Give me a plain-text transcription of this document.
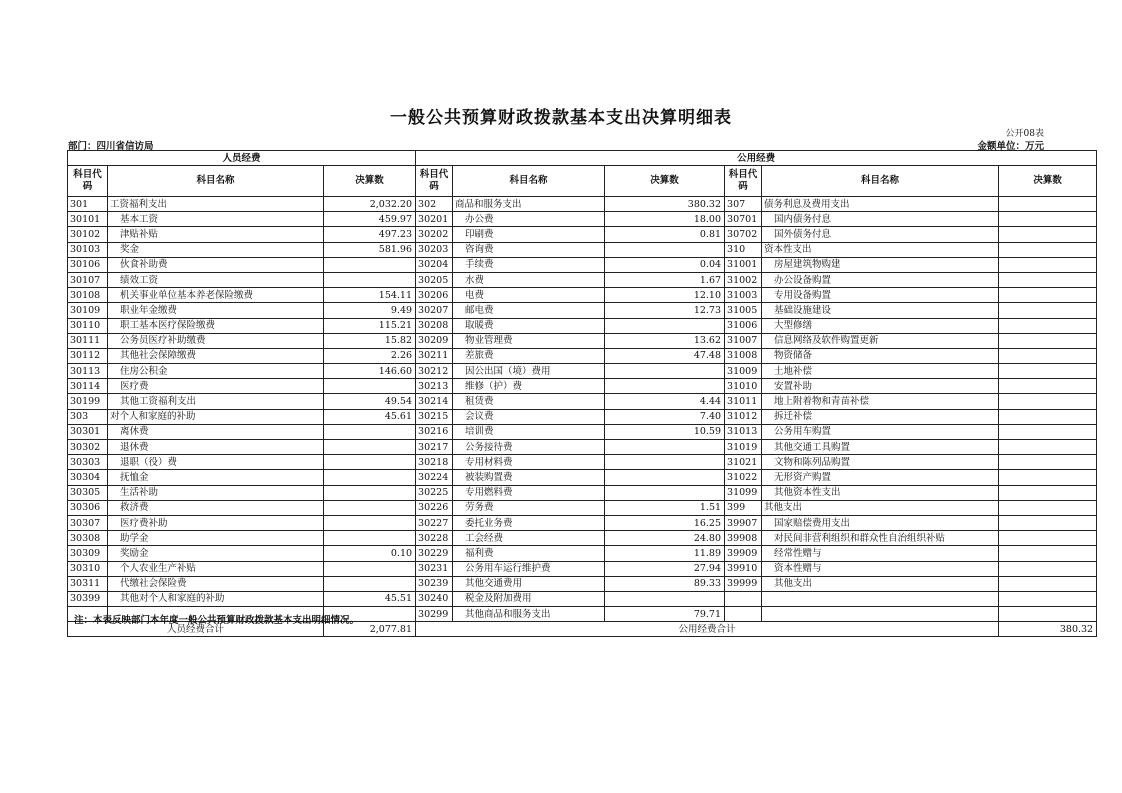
一般公共预算财政拨款基本支出决算明细表
公开08表
部门：四川省信访局	金额单位：万元
人员经费			公用经费					
科目代码	科目名称	决算数	科目代码	科目名称	决算数	科目代码	科目名称	决算数
301	工资福利支出	2,032.20	302	商品和服务支出	380.32	307	债务利息及费用支出	
30101	基本工资	459.97	30201	办公费	18.00	30701	国内债务付息	
30102	津贴补贴	497.23	30202	印刷费	0.81	30702	国外债务付息	
30103	奖金	581.96	30203	咨询费		310	资本性支出	
30106	伙食补助费		30204	手续费	0.04	31001	房屋建筑物购建	
30107	绩效工资		30205	水费	1.67	31002	办公设备购置	
30108	机关事业单位基本养老保险缴费	154.11	30206	电费	12.10	31003	专用设备购置	
30109	职业年金缴费	9.49	30207	邮电费	12.73	31005	基础设施建设	
30110	职工基本医疗保险缴费	115.21	30208	取暖费		31006	大型修缮	
30111	公务员医疗补助缴费	15.82	30209	物业管理费	13.62	31007	信息网络及软件购置更新	
30112	其他社会保障缴费	2.26	30211	差旅费	47.48	31008	物资储备	
30113	住房公积金	146.60	30212	因公出国（境）费用		31009	土地补偿	
30114	医疗费		30213	维修（护）费		31010	安置补助	
30199	其他工资福利支出	49.54	30214	租赁费	4.44	31011	地上附着物和青苗补偿	
303	对个人和家庭的补助	45.61	30215	会议费	7.40	31012	拆迁补偿	
30301	离休费		30216	培训费	10.59	31013	公务用车购置	
30302	退休费		30217	公务接待费		31019	其他交通工具购置	
30303	退职（役）费		30218	专用材料费		31021	文物和陈列品购置	
30304	抚恤金		30224	被装购置费		31022	无形资产购置	
30305	生活补助		30225	专用燃料费		31099	其他资本性支出	
30306	救济费		30226	劳务费	1.51	399	其他支出	
30307	医疗费补助		30227	委托业务费	16.25	39907	国家赔偿费用支出	
30308	助学金		30228	工会经费	24.80	39908	对民间非营利组织和群众性自治组织补贴	
30309	奖励金	0.10	30229	福利费	11.89	39909	经常性赠与	
30310	个人农业生产补贴		30231	公务用车运行维护费	27.94	39910	资本性赠与	
30311	代缴社会保险费		30239	其他交通费用	89.33	39999	其他支出	
30399	其他对个人和家庭的补助	45.51	30240	税金及附加费用				
			30299	其他商品和服务支出	79.71			
人员经费合计		2,077.81	公用经费合计					380.32
注：本表反映部门本年度一般公共预算财政拨款基本支出明细情况。
